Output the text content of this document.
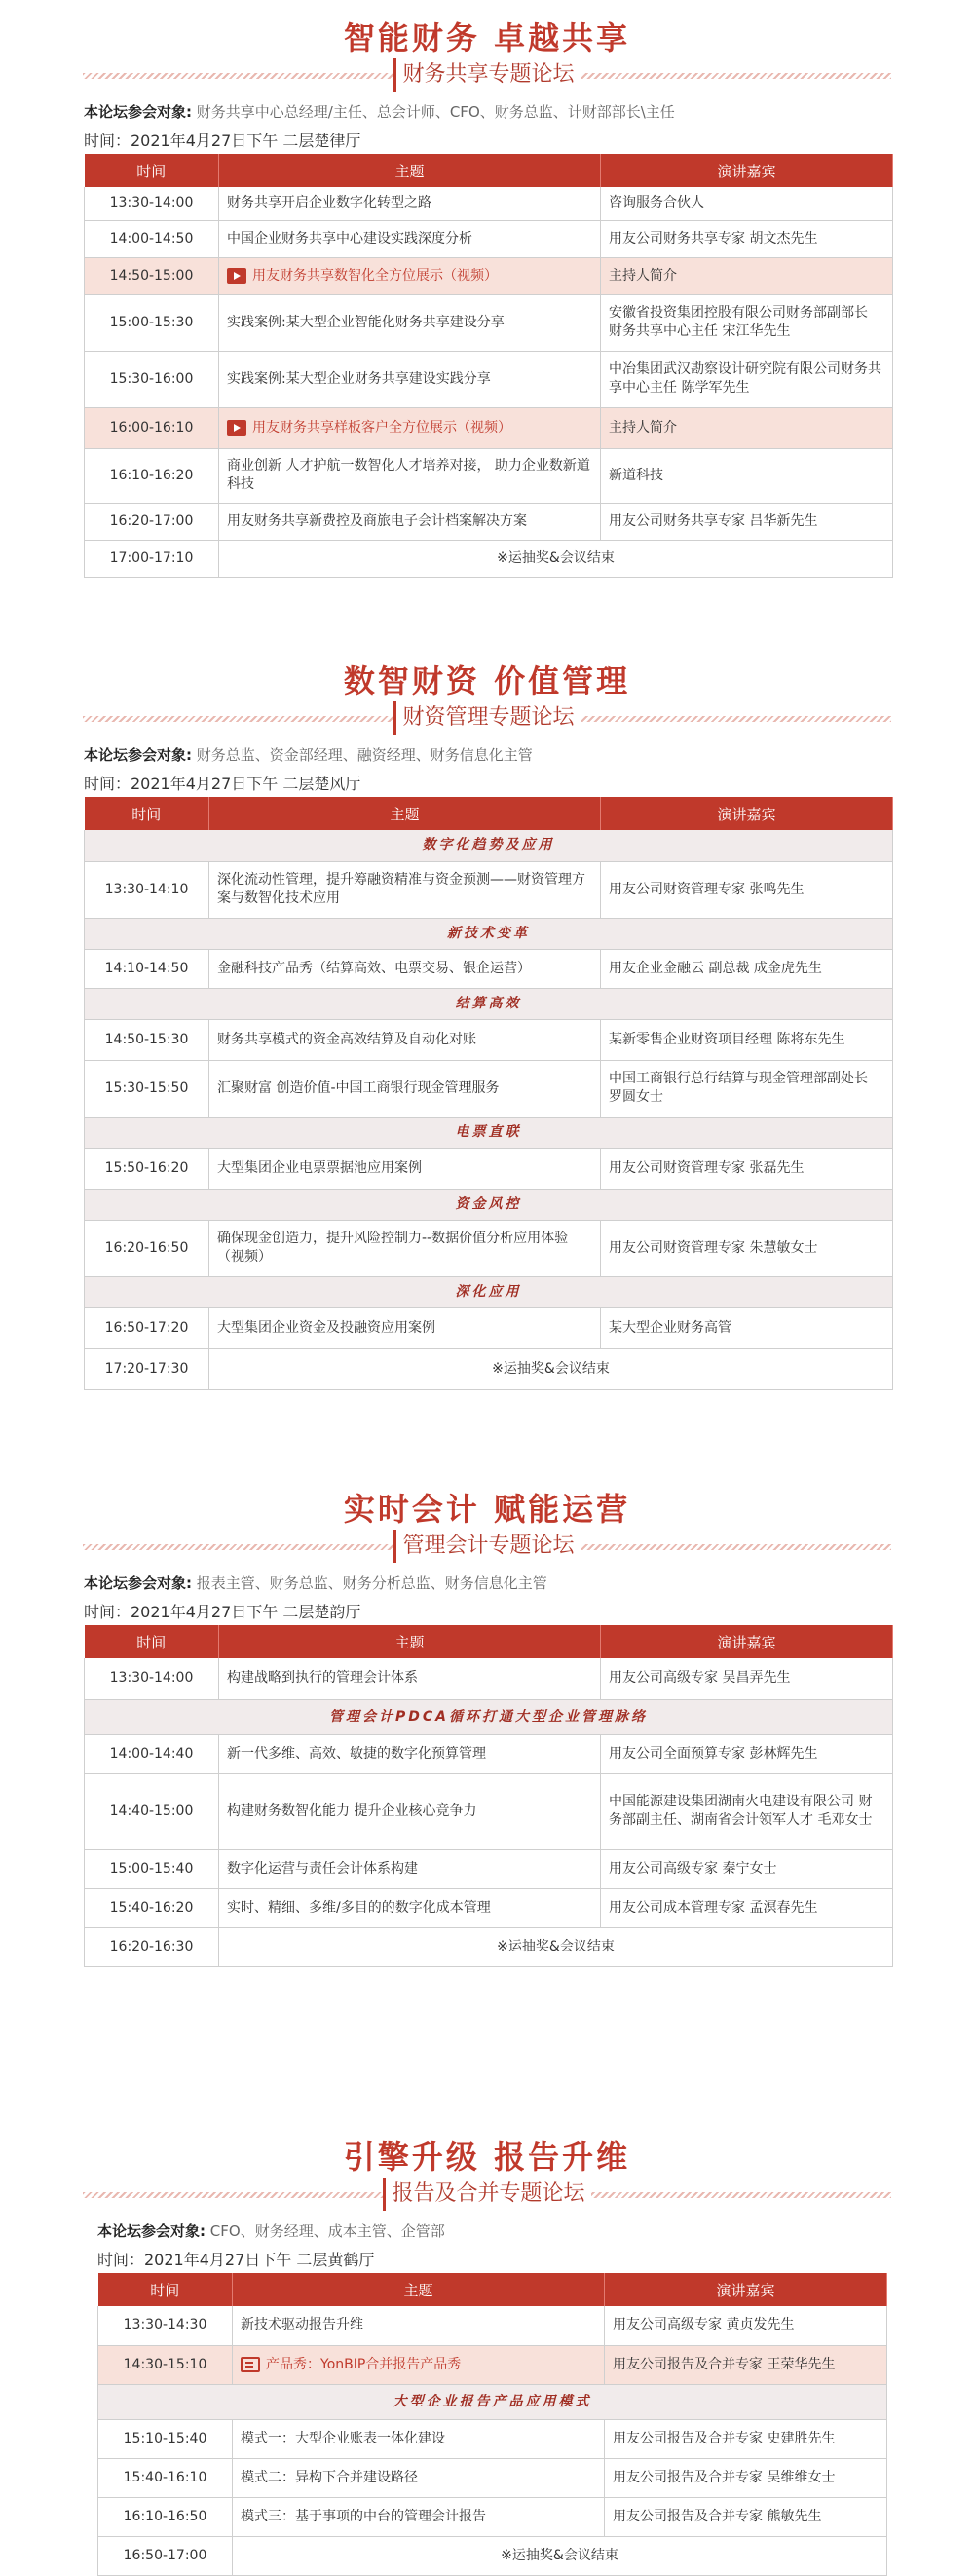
智能财务 卓越共享
财务共享专题论坛
本论坛参会对象: 财务共享中心总经理/主任、总会计师、CFO、财务总监、计财部部长\主任
时间：2021年4月27日下午 二层楚律厅
时间	主题	演讲嘉宾
13:30-14:00	财务共享开启企业数字化转型之路	咨询服务合伙人
14:00-14:50	中国企业财务共享中心建设实践深度分析	用友公司财务共享专家 胡文杰先生
14:50-15:00	用友财务共享数智化全方位展示（视频）	主持人简介
15:00-15:30	实践案例:某大型企业智能化财务共享建设分享	安徽省投资集团控股有限公司财务部副部长 财务共享中心主任 宋江华先生
15:30-16:00	实践案例:某大型企业财务共享建设实践分享	中冶集团武汉勘察设计研究院有限公司财务共享中心主任 陈学军先生
16:00-16:10	用友财务共享样板客户全方位展示（视频）	主持人简介
16:10-16:20	商业创新 人才护航一数智化人才培养对接， 助力企业数新道科技	新道科技
16:20-17:00	用友财务共享新费控及商旅电子会计档案解决方案	用友公司财务共享专家 吕华新先生
17:00-17:10	※运抽奖&会议结束	
数智财资 价值管理
财资管理专题论坛
本论坛参会对象: 财务总监、资金部经理、融资经理、财务信息化主管
时间：2021年4月27日下午 二层楚风厅
时间	主题	演讲嘉宾
数字化趋势及应用		
13:30-14:10	深化流动性管理，提升筹融资精准与资金预测——财资管理方案与数智化技术应用	用友公司财资管理专家 张鸣先生
新技术变革		
14:10-14:50	金融科技产品秀（结算高效、电票交易、银企运营）	用友企业金融云 副总裁 成金虎先生
结算高效		
14:50-15:30	财务共享模式的资金高效结算及自动化对账	某新零售企业财资项目经理 陈将东先生
15:30-15:50	汇聚财富 创造价值-中国工商银行现金管理服务	中国工商银行总行结算与现金管理部副处长 罗圆女士
电票直联		
15:50-16:20	大型集团企业电票票据池应用案例	用友公司财资管理专家 张磊先生
资金风控		
16:20-16:50	确保现金创造力，提升风险控制力--数据价值分析应用体验（视频）	用友公司财资管理专家 朱慧敏女士
深化应用		
16:50-17:20	大型集团企业资金及投融资应用案例	某大型企业财务高管
17:20-17:30	※运抽奖&会议结束	
实时会计 赋能运营
管理会计专题论坛
本论坛参会对象: 报表主管、财务总监、财务分析总监、财务信息化主管
时间：2021年4月27日下午 二层楚韵厅
时间	主题	演讲嘉宾
13:30-14:00	构建战略到执行的管理会计体系	用友公司高级专家 吴昌弄先生
管理会计PDCA循环打通大型企业管理脉络		
14:00-14:40	新一代多维、高效、敏捷的数字化预算管理	用友公司全面预算专家 彭林辉先生
14:40-15:00	构建财务数智化能力 提升企业核心竞争力	中国能源建设集团湖南火电建设有限公司 财务部副主任、湖南省会计领军人才 毛邓女士
15:00-15:40	数字化运营与责任会计体系构建	用友公司高级专家 秦宁女士
15:40-16:20	实时、精细、多维/多目的的数字化成本管理	用友公司成本管理专家 孟溟春先生
16:20-16:30	※运抽奖&会议结束	
引擎升级 报告升维
报告及合并专题论坛
本论坛参会对象: CFO、财务经理、成本主管、企管部
时间：2021年4月27日下午 二层黄鹤厅
时间	主题	演讲嘉宾
13:30-14:30	新技术驱动报告升维	用友公司高级专家 黄贞发先生
14:30-15:10	产品秀：YonBIP合并报告产品秀	用友公司报告及合并专家 王荣华先生
大型企业报告产品应用模式		
15:10-15:40	模式一：大型企业账表一体化建设	用友公司报告及合并专家 史建胜先生
15:40-16:10	模式二：异构下合并建设路径	用友公司报告及合并专家 吴维维女士
16:10-16:50	模式三：基于事项的中台的管理会计报告	用友公司报告及合并专家 熊敏先生
16:50-17:00	※运抽奖&会议结束	
